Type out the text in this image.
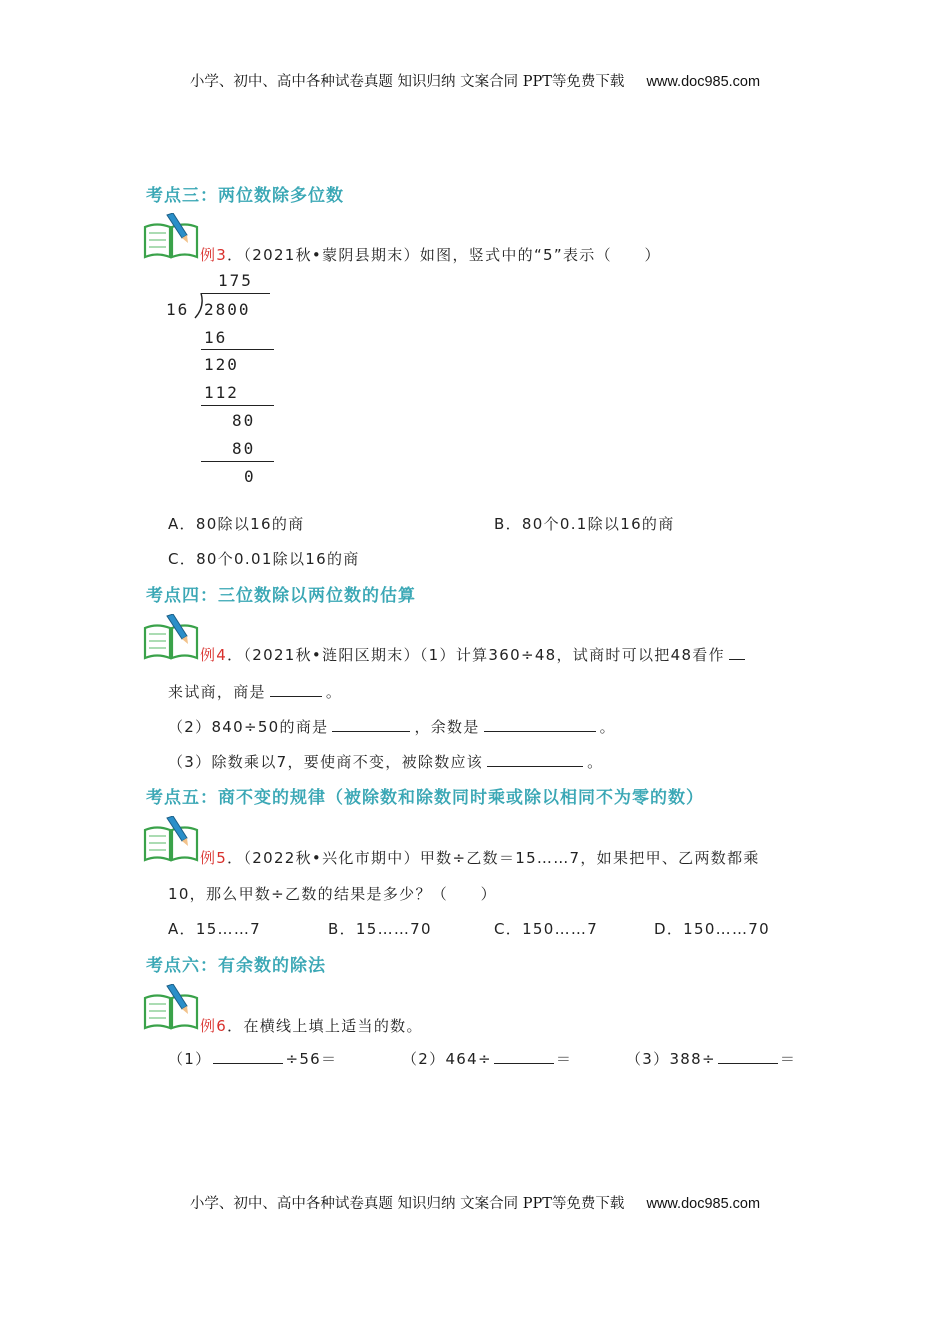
小学、初中、高中各种试卷真题 知识归纳 文案合同 PPT等免费下载 www.doc985.com
考点三：两位数除多位数
例3．（2021秋•蒙阴县期末）如图，竖式中的“5”表示（　　）
175
16 2800
16
120
112
80
80
0
A．80除以16的商	B．80个0.1除以16的商
C．80个0.01除以16的商
考点四：三位数除以两位数的估算
例4．（2021秋•涟阳区期末）（1）计算360÷48，试商时可以把48看作
来试商，商是	。
（2）840÷50的商是	，余数是	。
（3）除数乘以7，要使商不变，被除数应该	。
考点五：商不变的规律（被除数和除数同时乘或除以相同不为零的数）
例5．（2022秋•兴化市期中）甲数÷乙数＝15……7，如果把甲、乙两数都乘
10，那么甲数÷乙数的结果是多少？（　　）
A．15……7	B．15……70	C．150……7	D．150……70
考点六：有余数的除法
例6．在横线上填上适当的数。
（1）	÷56＝	（2）464÷	＝	（3）388÷	＝
小学、初中、高中各种试卷真题 知识归纳 文案合同 PPT等免费下载 www.doc985.com
